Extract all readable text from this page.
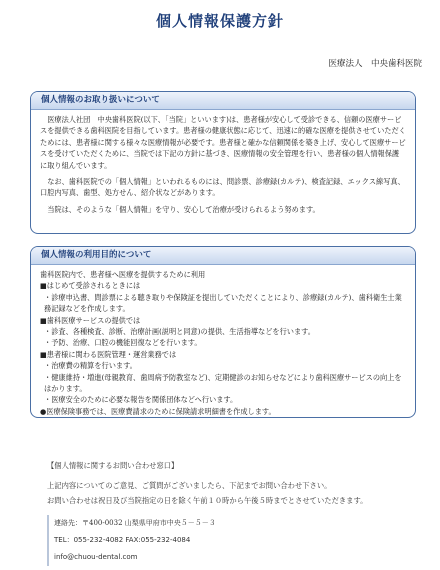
個人情報保護方針
医療法人　中央歯科医院
個人情報のお取り扱いについて

医療法人社団　中央歯科医院(以下、「当院」といいます)は、患者様が安心して受診できる、信頼の医療サービスを提供できる歯科医院を目指しています。患者様の健康状態に応じて、迅速に的確な医療を提供させていただくためには、患者様に関する様々な医療情報が必要です。患者様と確かな信頼関係を築き上げ、安心して医療サービスを受けていただくために、当院では下記の方針に基づき、医療情報の安全管理を行い、患者様の個人情報保護に取り組んでいます。

なお、歯科医院での「個人情報」といわれるものには、問診票、診療録(カルテ)、検査記録、エックス線写真、口腔内写真、歯型、処方せん、紹介状などがあります。

当院は、そのような「個人情報」を守り、安心して治療が受けられるよう努めます。

個人情報の利用目的について
歯科医院内で、患者様へ医療を提供するために利用
■はじめて受診されるときには
・診療申込書、問診票による聴き取りや保険証を提出していただくことにより、診療録(カルテ)、歯科衛生士業務記録などを作成します。
■歯科医療サービスの提供では
・診査、各種検査、診断、治療計画(説明と同意)の提供、生活指導などを行います。
・予防、治療、口腔の機能回復などを行います。
■患者様に関わる医院管理・運営業務では
・治療費の精算を行います。
・健康維持・増進(母親教育、歯周病予防教室など)、定期健診のお知らせなどにより歯科医療サービスの向上をはかります。
・医療安全のために必要な報告を関係団体などへ行います。
●医療保険事務では、医療費請求のために保険請求明細書を作成します。
【個人情報に関するお問い合わせ窓口】
上記内容についてのご意見、ご質問がございましたら、下記までお問い合わせ下さい。
お問い合わせは祝日及び当院指定の日を除く午前１０時から午後５時までとさせていただきます。
連絡先：〒400-0032 山梨県甲府市中央５－５－３
TEL：055-232-4082 FAX:055-232-4084
info@chuou-dental.com
